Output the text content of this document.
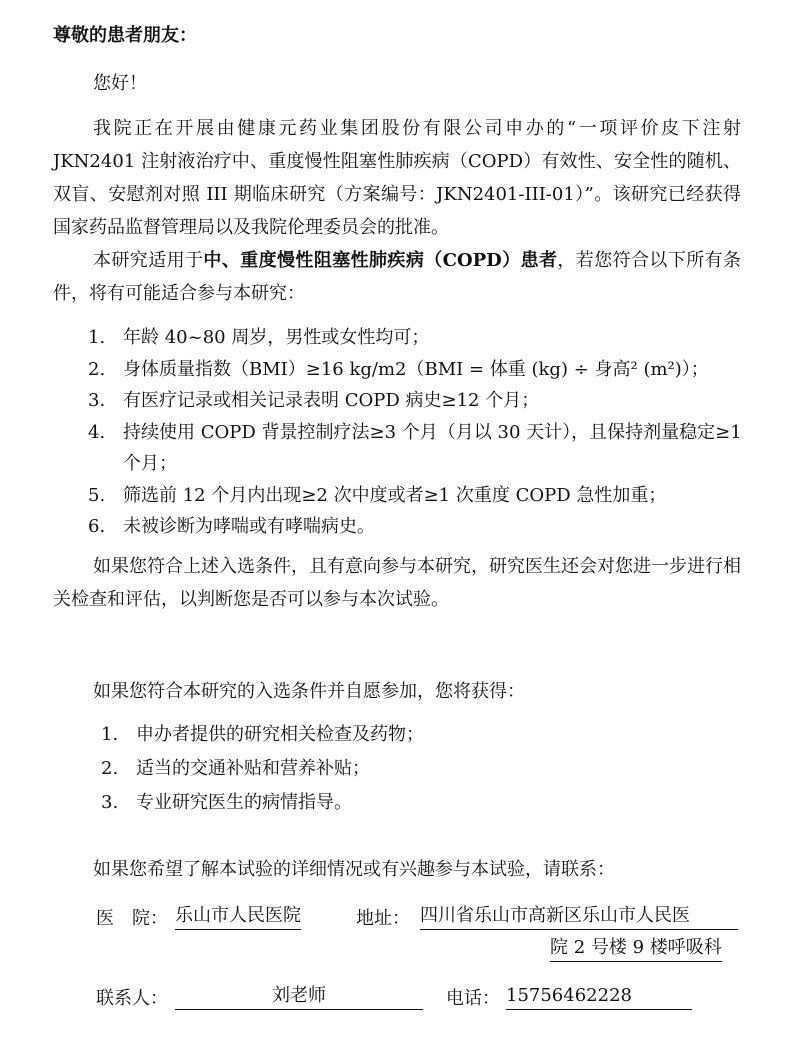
尊敬的患者朋友：
您好！
我院正在开展由健康元药业集团股份有限公司申办的“一项评价皮下注射 JKN2401 注射液治疗中、重度慢性阻塞性肺疾病（COPD）有效性、安全性的随机、双盲、安慰剂对照 III 期临床研究（方案编号：JKN2401-III-01）”。该研究已经获得国家药品监督管理局以及我院伦理委员会的批准。
本研究适用于中、重度慢性阻塞性肺疾病（COPD）患者，若您符合以下所有条件，将有可能适合参与本研究：
1. 年龄 40~80 周岁，男性或女性均可；
2. 身体质量指数（BMI）≥16 kg/m2（BMI = 体重 (kg) ÷ 身高² (m²)）；
3. 有医疗记录或相关记录表明 COPD 病史≥12 个月；
4. 持续使用 COPD 背景控制疗法≥3 个月（月以 30 天计），且保持剂量稳定≥1 个月；
5. 筛选前 12 个月内出现≥2 次中度或者≥1 次重度 COPD 急性加重；
6. 未被诊断为哮喘或有哮喘病史。
如果您符合上述入选条件，且有意向参与本研究，研究医生还会对您进一步进行相关检查和评估，以判断您是否可以参与本次试验。
如果您符合本研究的入选条件并自愿参加，您将获得：
1. 申办者提供的研究相关检查及药物；
2. 适当的交通补贴和营养补贴；
3. 专业研究医生的病情指导。
如果您希望了解本试验的详细情况或有兴趣参与本试验，请联系：
医　院： 乐山市人民医院	地址： 四川省乐山市高新区乐山市人民医
院 2 号楼 9 楼呼吸科
联系人：	刘老师	电话： 15756462228
